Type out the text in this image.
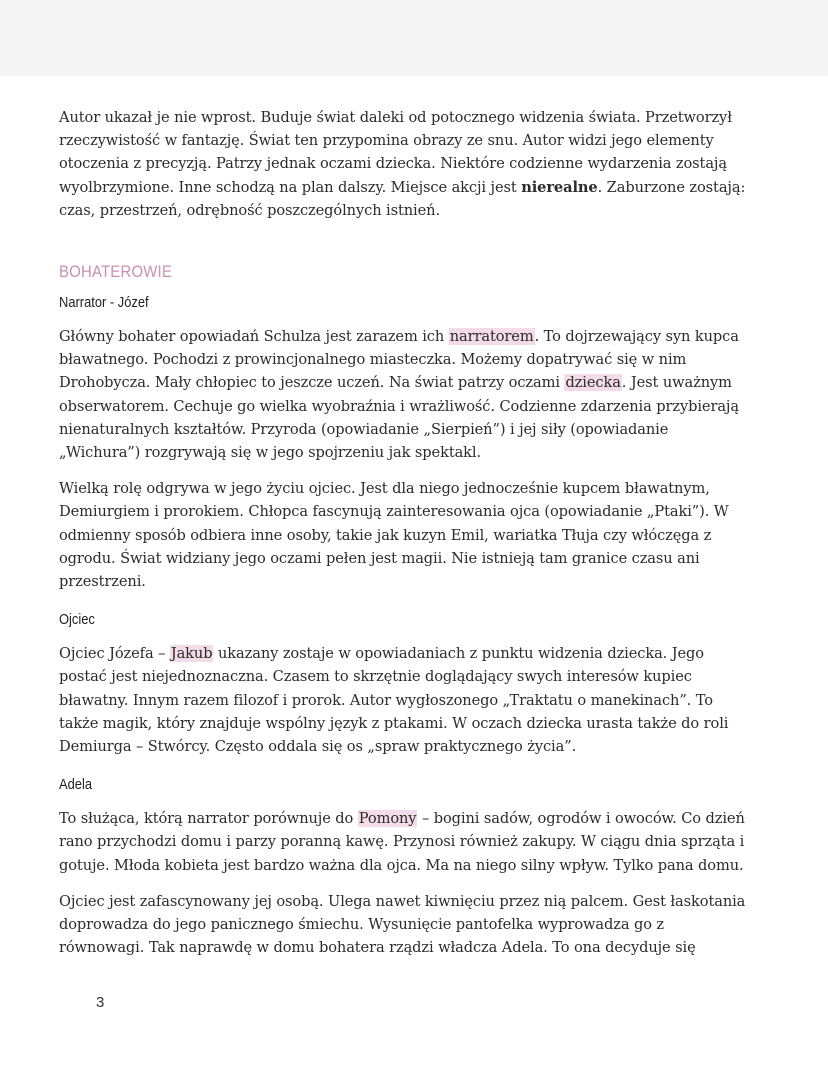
Autor ukazał je nie wprost. Buduje świat daleki od potocznego widzenia świata. Przetworzył
rzeczywistość w fantazję. Świat ten przypomina obrazy ze snu. Autor widzi jego elementy
otoczenia z precyzją. Patrzy jednak oczami dziecka. Niektóre codzienne wydarzenia zostają
wyolbrzymione. Inne schodzą na plan dalszy. Miejsce akcji jest nierealne. Zaburzone zostają:
czas, przestrzeń, odrębność poszczególnych istnień.

BOHATEROWIE
Narrator - Józef

Główny bohater opowiadań Schulza jest zarazem ich narratorem. To dojrzewający syn kupca
bławatnego. Pochodzi z prowincjonalnego miasteczka. Możemy dopatrywać się w nim
Drohobycza. Mały chłopiec to jeszcze uczeń. Na świat patrzy oczami dziecka. Jest uważnym
obserwatorem. Cechuje go wielka wyobraźnia i wrażliwość. Codzienne zdarzenia przybierają
nienaturalnych kształtów. Przyroda (opowiadanie „Sierpień”) i jej siły (opowiadanie
„Wichura”) rozgrywają się w jego spojrzeniu jak spektakl.

Wielką rolę odgrywa w jego życiu ojciec. Jest dla niego jednocześnie kupcem bławatnym,
Demiurgiem i prorokiem. Chłopca fascynują zainteresowania ojca (opowiadanie „Ptaki”). W
odmienny sposób odbiera inne osoby, takie jak kuzyn Emil, wariatka Tłuja czy włóczęga z
ogrodu. Świat widziany jego oczami pełen jest magii. Nie istnieją tam granice czasu ani
przestrzeni.

Ojciec

Ojciec Józefa – Jakub ukazany zostaje w opowiadaniach z punktu widzenia dziecka. Jego
postać jest niejednoznaczna. Czasem to skrzętnie doglądający swych interesów kupiec
bławatny. Innym razem filozof i prorok. Autor wygłoszonego „Traktatu o manekinach”. To
także magik, który znajduje wspólny język z ptakami. W oczach dziecka urasta także do roli
Demiurga – Stwórcy. Często oddala się os „spraw praktycznego życia”.

Adela

To służąca, którą narrator porównuje do Pomony – bogini sadów, ogrodów i owoców. Co dzień
rano przychodzi domu i parzy poranną kawę. Przynosi również zakupy. W ciągu dnia sprząta i
gotuje. Młoda kobieta jest bardzo ważna dla ojca. Ma na niego silny wpływ. Tylko pana domu.

Ojciec jest zafascynowany jej osobą. Ulega nawet kiwnięciu przez nią palcem. Gest łaskotania
doprowadza do jego panicznego śmiechu. Wysunięcie pantofelka wyprowadza go z
równowagi. Tak naprawdę w domu bohatera rządzi władcza Adela. To ona decyduje się

3
